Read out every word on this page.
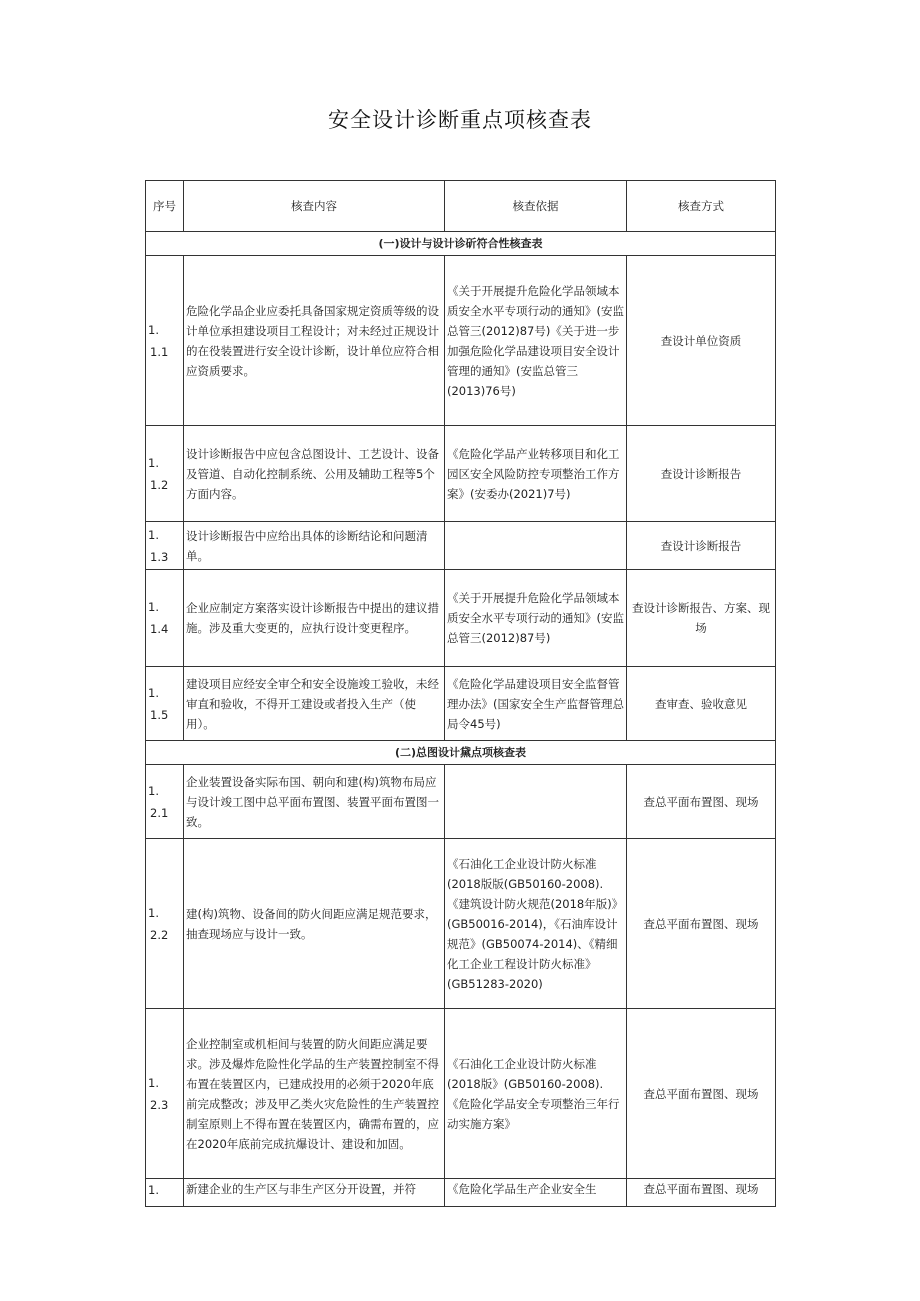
安全设计诊断重点项核查表
序号	核查内容	核查依据	核查方式
(一)设计与设计诊斫符合性核查表			

1.
1.1	危险化学品企业应委托具备国家规定资质等级的设计单位承担建设项目工程设计；对未经过正规设计的在役装置进行安全设计诊断，设计单位应符合相应资质要求。	《关于开展提升危险化学品领域本质安全水平专项行动的通知》(安监总管三(2012)87号)《关于进一步加强危险化学品建设项目安全设计管理的通知》(安监总管三(2013)76号)	查设计单位资质

1.
1.2	设计诊断报告中应包含总图设计、工艺设计、设备及管道、自动化控制系统、公用及辅助工程等5个方面内容。	《危险化学品产业转移项目和化工园区安全风险防控专项整治工作方案》(安委办(2021)7号)	查设计诊断报告

1.
1.3	设计诊断报告中应给出具体的诊断结论和问题清单。		查设计诊断报告

1.
1.4	企业应制定方案落实设计诊断报告中提出的建议措施。涉及重大变更的，应执行设计变更程序。	《关于开展提升危险化学品领域本质安全水平专项行动的通知》(安监总管三(2012)87号)	查设计诊断报告、方案、现场

1.
1.5	建设项目应经安全审仝和安全设施竣工验收，未经审直和验收，不得开工建设或者投入生产（使用）。	《危险化学品建设项目安全监督管理办法》(国家安全生产监督管理总局令45号)	查审查、验收意见
(二)总图设计黛点项核查表			

1.
2.1	企业装置设备实际布国、朝向和建(构)筑物布局应与设计竣工图中总平面布置图、装置平面布置图一致。		查总平面布置图、现场

1.
2.2	建(构)筑物、设备间的防火间距应满足规范要求，抽查现场应与设计一致。	《石油化工企业设计防火标准(2018版版(GB50160-2008).《建筑设计防火规范(2018年版)》(GB50016-2014)，《石油库设计规范》(GB50074-2014)、《精细化工企业工程设计防火标准》(GB51283-2020)	査总平面布置图、现场

1.
2.3	企业控制室或机柜间与装置的防火间距应满足要求。涉及爆炸危险性化学品的生产装置控制室不得布置在装置区内，已建成投用的必须于2020年底前完成整改；涉及甲乙类火灾危险性的生产装置控制室原则上不得布置在装置区内，确需布置的，应在2020年底前完成抗爆设计、建设和加固。	《石油化工企业设计防火标准(2018版》(GB50160-2008).《危险化学品安全专项整治三年行动实施方案》	査总平面布置图、现场

1.	新建企业的生产区与非生产区分开设置，并符	《危险化学品生产企业安全生	查总平面布置图、现场
